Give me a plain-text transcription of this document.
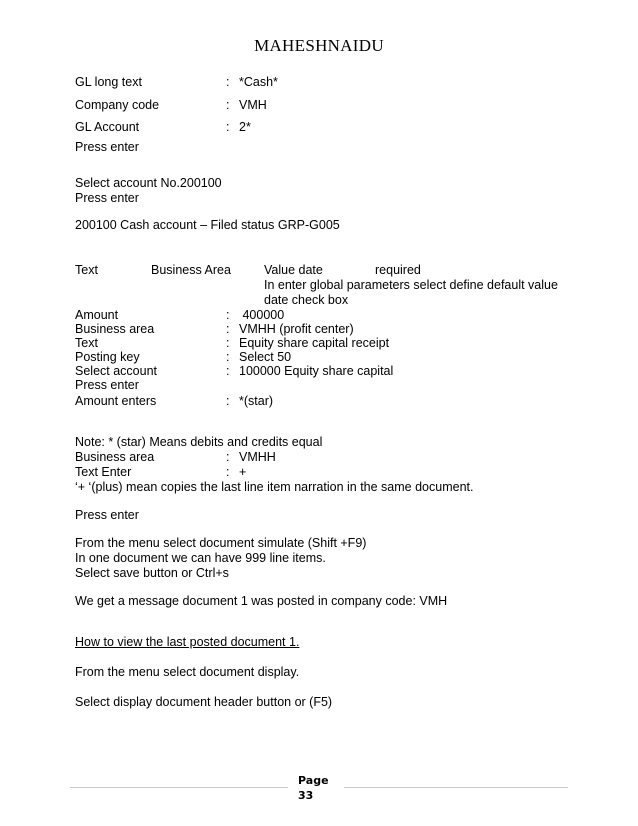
MAHESHNAIDU
GL long text	: *Cash*
Company code	: VMH
GL Account	: 2*
Press enter
Select account No.200100
Press enter
200100 Cash account – Filed status GRP-G005
Text	Business Area	Value date	required
In enter global parameters select define default value
date check box
Amount	: 400000
Business area	: VMHH (profit center)
Text	: Equity share capital receipt
Posting key	: Select 50
Select account	: 100000 Equity share capital
Press enter
Amount enters	: *(star)
Note: * (star) Means debits and credits equal
Business area	: VMHH
Text Enter	: +
‘+ ‘(plus) mean copies the last line item narration in the same document.
Press enter
From the menu select document simulate (Shift +F9)
In one document we can have 999 line items.
Select save button or Ctrl+s
We get a message document 1 was posted in company code: VMH
How to view the last posted document 1.
From the menu select document display.
Select display document header button or (F5)
Page
33
